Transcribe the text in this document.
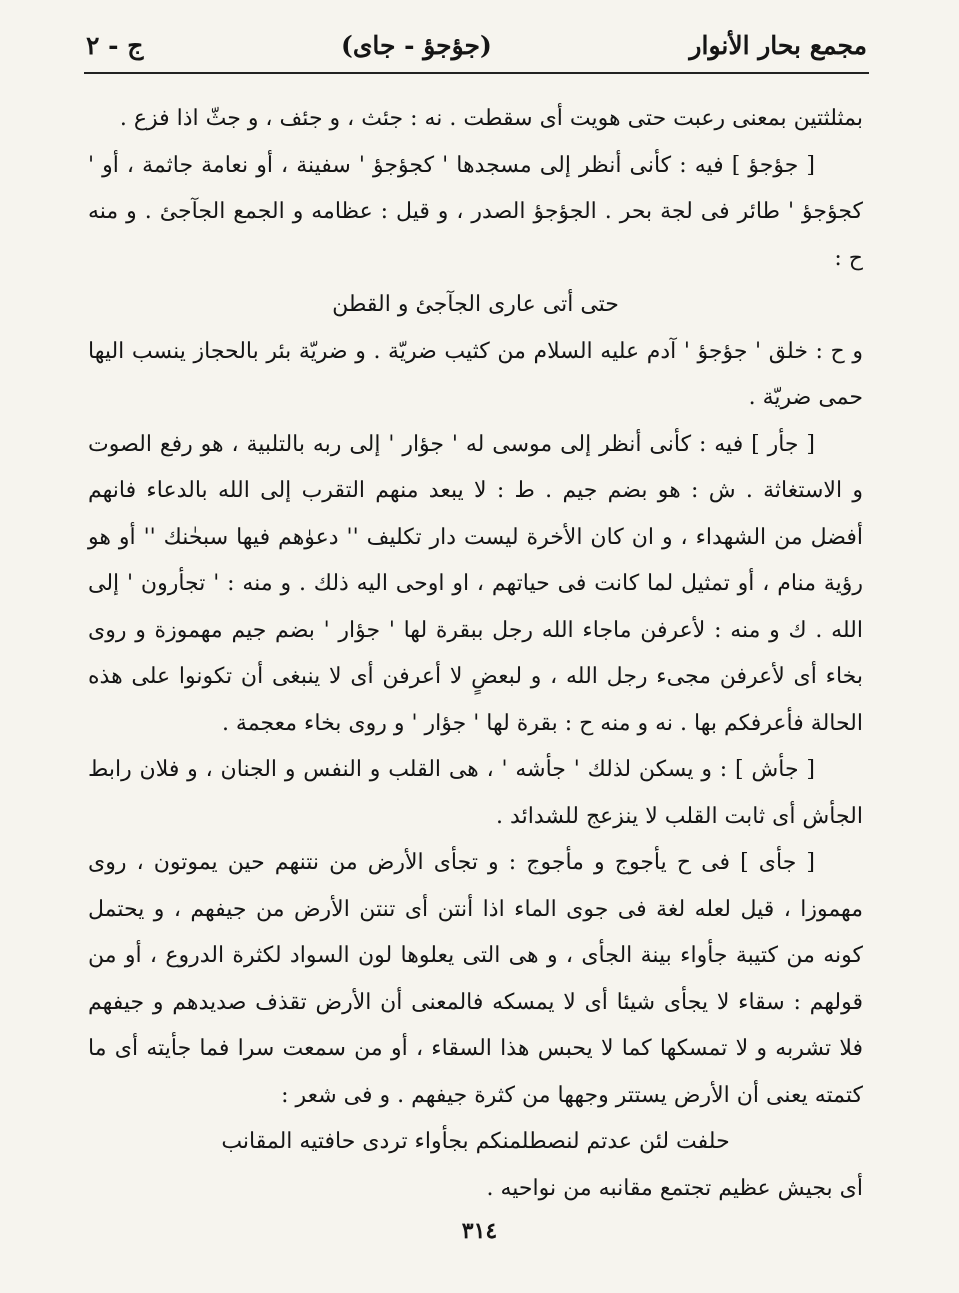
مجمع بحار الأنوار
(جؤجؤ - جاى)
ج - ٢

بمثلثتين بمعنى رعبت حتى هويت أى سقطت . نه : جئث ، و جئف ، و جثّ اذا فزع .

[ جؤجؤ ] فيه : كأنى أنظر إلى مسجدها ' كجؤجؤ ' سفينة ، أو نعامة جاثمة ، أو ' كجؤجؤ ' طائر فى لجة بحر . الجؤجؤ الصدر ، و قيل : عظامه و الجمع الجآجئ . و منه ح :

حتى أتى عارى الجآجئ و القطن

و ح : خلق ' جؤجؤ ' آدم عليه السلام من كثيب ضريّة . و ضريّة بئر بالحجاز ينسب اليها حمى ضريّة .

[ جأر ] فيه : كأنى أنظر إلى موسى له ' جؤار ' إلى ربه بالتلبية ، هو رفع الصوت و الاستغاثة . ش : هو بضم جيم . ط : لا يبعد منهم التقرب إلى الله بالدعاء فانهم أفضل من الشهداء ، و ان كان الأخرة ليست دار تكليف '' دعوٰهم فيها سبحٰنك '' أو هو رؤية منام ، أو تمثيل لما كانت فى حياتهم ، او اوحى اليه ذلك . و منه : ' تجأرون ' إلى الله . ك و منه : لأعرفن ماجاء الله رجل ببقرة لها ' جؤار ' بضم جيم مهموزة و روى بخاء أى لأعرفن مجىء رجل الله ، و لبعضٍ لا أعرفن أى لا ينبغى أن تكونوا على هذه الحالة فأعرفكم بها . نه و منه ح : بقرة لها ' جؤار ' و روى بخاء معجمة .

[ جأش ] : و يسكن لذلك ' جأشه ' ، هى القلب و النفس و الجنان ، و فلان رابط الجأش أى ثابت القلب لا ينزعج للشدائد .

[ جأى ] فى ح يأجوج و مأجوج : و تجأى الأرض من نتنهم حين يموتون ، روى مهموزا ، قيل لعله لغة فى جوى الماء اذا أنتن أى تنتن الأرض من جيفهم ، و يحتمل كونه من كتيبة جأواء بينة الجأى ، و هى التى يعلوها لون السواد لكثرة الدروع ، أو من قولهم : سقاء لا يجأى شيئا أى لا يمسكه فالمعنى أن الأرض تقذف صديدهم و جيفهم فلا تشربه و لا تمسكها كما لا يحبس هذا السقاء ، أو من سمعت سرا فما جأيته أى ما كتمته يعنى أن الأرض يستتر وجهها من كثرة جيفهم . و فى شعر :

حلفت لئن عدتم لنصطلمنكم بجأواء تردى حافتيه المقانب

أى بجيش عظيم تجتمع مقانبه من نواحيه .

٣١٤
